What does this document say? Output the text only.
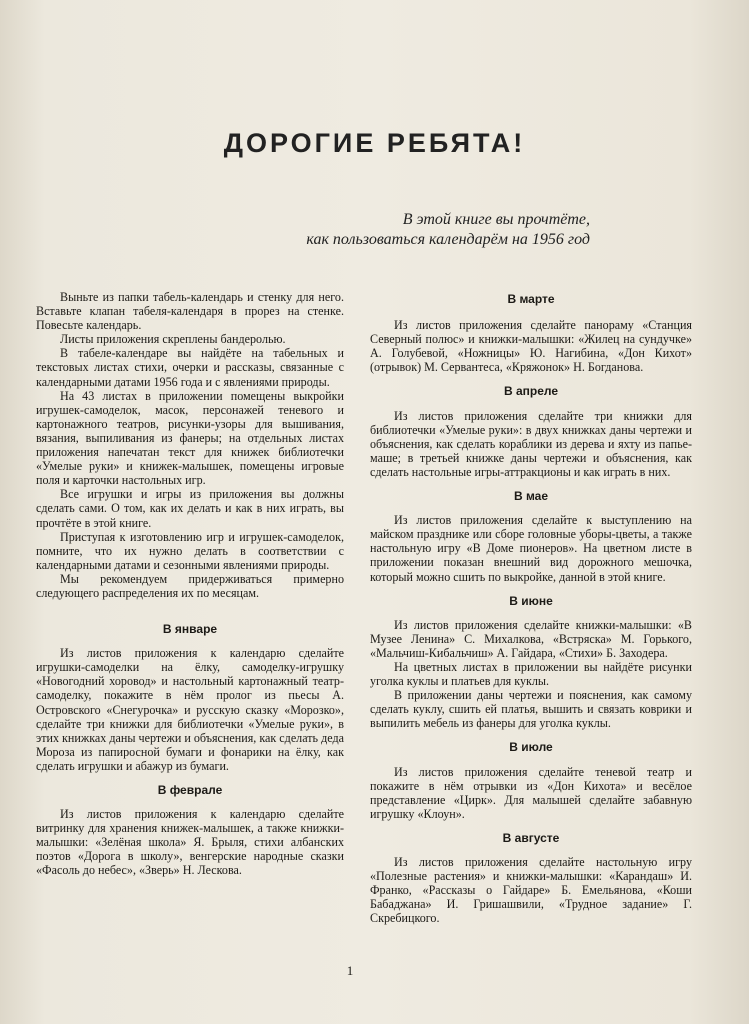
ДОРОГИЕ РЕБЯТА!
В этой книге вы прочтёте,
как пользоваться календарём на 1956 год

Выньте из папки табель-календарь и стенку для него. Вставьте клапан табеля-календаря в прорез на стенке. Повесьте календарь.

Листы приложения скреплены бандеролью.

В табеле-календаре вы найдёте на табельных и текстовых листах стихи, очерки и рассказы, связанные с календарными датами 1956 года и с явлениями природы.

На 43 листах в приложении помещены выкройки игрушек-самоделок, масок, персонажей теневого и картонажного театров, рисунки-узоры для вышивания, вязания, выпиливания из фанеры; на отдельных листах приложения напечатан текст для книжек библиотечки «Умелые руки» и книжек-малышек, помещены игровые поля и карточки настольных игр.

Все игрушки и игры из приложения вы должны сделать сами. О том, как их делать и как в них играть, вы прочтёте в этой книге.

Приступая к изготовлению игр и игрушек-самоделок, помните, что их нужно делать в соответствии с календарными датами и сезонными явлениями природы.

Мы рекомендуем придерживаться примерно следующего распределения их по месяцам.

В январе

Из листов приложения к календарю сделайте игрушки-самоделки на ёлку, самоделку-игрушку «Новогодний хоровод» и настольный картонажный театр-самоделку, покажите в нём пролог из пьесы А. Островского «Снегурочка» и русскую сказку «Морозко», сделайте три книжки для библиотечки «Умелые руки», в этих книжках даны чертежи и объяснения, как сделать деда Мороза из папиросной бумаги и фонарики на ёлку, как сделать игрушки и абажур из бумаги.

В феврале

Из листов приложения к календарю сделайте витринку для хранения книжек-малышек, а также книжки-малышки: «Зелёная школа» Я. Брыля, стихи албанских поэтов «Дорога в школу», венгерские народные сказки «Фасоль до небес», «Зверь» Н. Лескова.

В марте

Из листов приложения сделайте панораму «Станция Северный полюс» и книжки-малышки: «Жилец на сундучке» А. Голубевой, «Ножницы» Ю. Нагибина, «Дон Кихот» (отрывок) М. Сервантеса, «Кряжонок» Н. Богданова.

В апреле

Из листов приложения сделайте три книжки для библиотечки «Умелые руки»: в двух книжках даны чертежи и объяснения, как сделать кораблики из дерева и яхту из папье-маше; в третьей книжке даны чертежи и объяснения, как сделать настольные игры-аттракционы и как играть в них.

В мае

Из листов приложения сделайте к выступлению на майском празднике или сборе головные уборы-цветы, а также настольную игру «В Доме пионеров». На цветном листе в приложении показан внешний вид дорожного мешочка, который можно сшить по выкройке, данной в этой книге.

В июне

Из листов приложения сделайте книжки-малышки: «В Музее Ленина» С. Михалкова, «Встряска» М. Горького, «Мальчиш-Кибальчиш» А. Гайдара, «Стихи» Б. Заходера.

На цветных листах в приложении вы найдёте рисунки уголка куклы и платьев для куклы.

В приложении даны чертежи и пояснения, как самому сделать куклу, сшить ей платья, вышить и связать коврики и выпилить мебель из фанеры для уголка куклы.

В июле

Из листов приложения сделайте теневой театр и покажите в нём отрывки из «Дон Кихота» и весёлое представление «Цирк». Для малышей сделайте забавную игрушку «Клоун».

В августе

Из листов приложения сделайте настольную игру «Полезные растения» и книжки-малышки: «Карандаш» И. Франко, «Рассказы о Гайдаре» Б. Емельянова, «Коши Бабаджана» И. Гришашвили, «Трудное задание» Г. Скребицкого.

1
